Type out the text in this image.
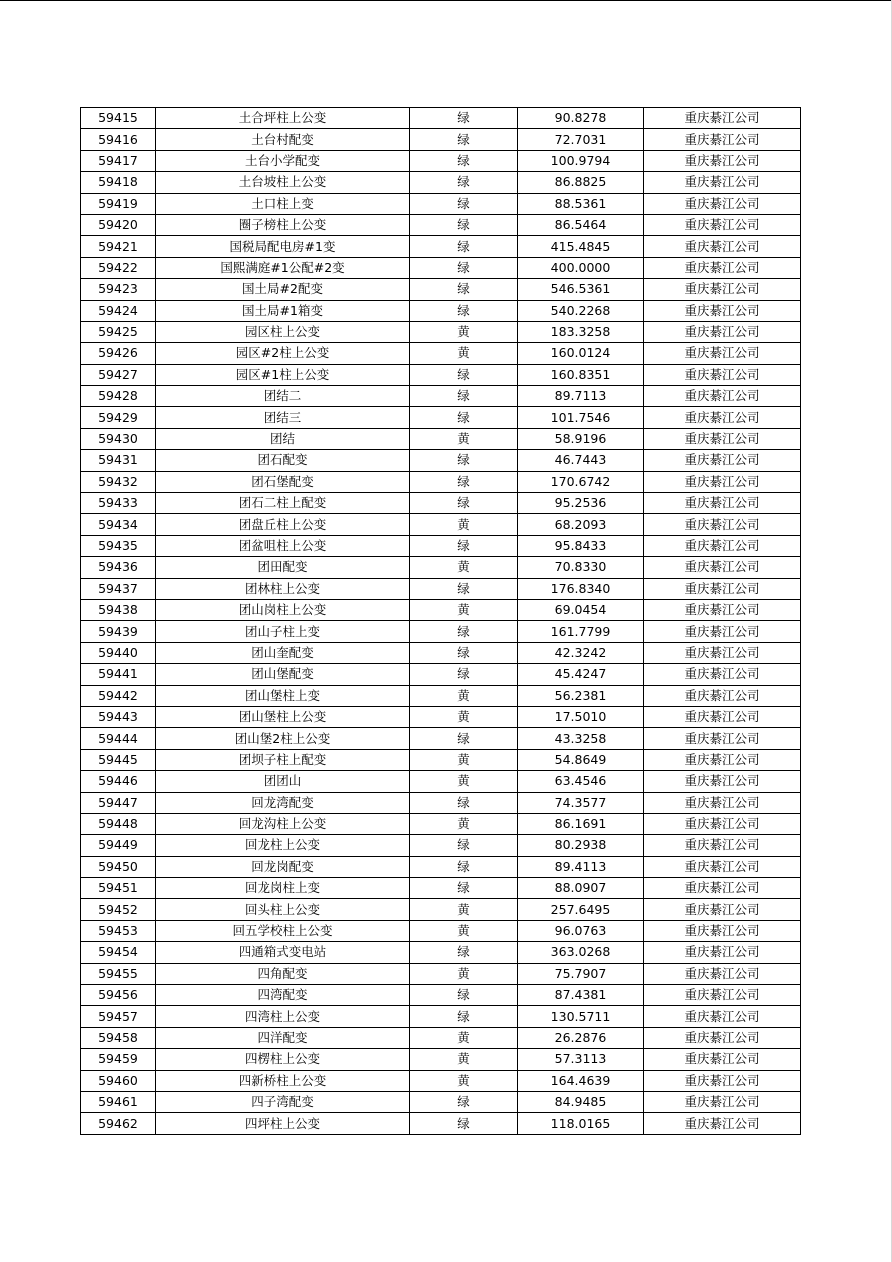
59415	土合坪柱上公变	绿	90.8278	重庆綦江公司
59416	土台村配变	绿	72.7031	重庆綦江公司
59417	土台小学配变	绿	100.9794	重庆綦江公司
59418	土台坡柱上公变	绿	86.8825	重庆綦江公司
59419	土口柱上变	绿	88.5361	重庆綦江公司
59420	圈子榜柱上公变	绿	86.5464	重庆綦江公司
59421	国税局配电房#1变	绿	415.4845	重庆綦江公司
59422	国熙满庭#1公配#2变	绿	400.0000	重庆綦江公司
59423	国土局#2配变	绿	546.5361	重庆綦江公司
59424	国土局#1箱变	绿	540.2268	重庆綦江公司
59425	园区柱上公变	黄	183.3258	重庆綦江公司
59426	园区#2柱上公变	黄	160.0124	重庆綦江公司
59427	园区#1柱上公变	绿	160.8351	重庆綦江公司
59428	团结二	绿	89.7113	重庆綦江公司
59429	团结三	绿	101.7546	重庆綦江公司
59430	团结	黄	58.9196	重庆綦江公司
59431	团石配变	绿	46.7443	重庆綦江公司
59432	团石堡配变	绿	170.6742	重庆綦江公司
59433	团石二柱上配变	绿	95.2536	重庆綦江公司
59434	团盘丘柱上公变	黄	68.2093	重庆綦江公司
59435	团盆咀柱上公变	绿	95.8433	重庆綦江公司
59436	团田配变	黄	70.8330	重庆綦江公司
59437	团林柱上公变	绿	176.8340	重庆綦江公司
59438	团山岗柱上公变	黄	69.0454	重庆綦江公司
59439	团山子柱上变	绿	161.7799	重庆綦江公司
59440	团山奎配变	绿	42.3242	重庆綦江公司
59441	团山堡配变	绿	45.4247	重庆綦江公司
59442	团山堡柱上变	黄	56.2381	重庆綦江公司
59443	团山堡柱上公变	黄	17.5010	重庆綦江公司
59444	团山堡2柱上公变	绿	43.3258	重庆綦江公司
59445	团坝子柱上配变	黄	54.8649	重庆綦江公司
59446	团团山	黄	63.4546	重庆綦江公司
59447	回龙湾配变	绿	74.3577	重庆綦江公司
59448	回龙沟柱上公变	黄	86.1691	重庆綦江公司
59449	回龙柱上公变	绿	80.2938	重庆綦江公司
59450	回龙岗配变	绿	89.4113	重庆綦江公司
59451	回龙岗柱上变	绿	88.0907	重庆綦江公司
59452	回头柱上公变	黄	257.6495	重庆綦江公司
59453	回五学校柱上公变	黄	96.0763	重庆綦江公司
59454	四通箱式变电站	绿	363.0268	重庆綦江公司
59455	四角配变	黄	75.7907	重庆綦江公司
59456	四湾配变	绿	87.4381	重庆綦江公司
59457	四湾柱上公变	绿	130.5711	重庆綦江公司
59458	四洋配变	黄	26.2876	重庆綦江公司
59459	四楞柱上公变	黄	57.3113	重庆綦江公司
59460	四新桥柱上公变	黄	164.4639	重庆綦江公司
59461	四子湾配变	绿	84.9485	重庆綦江公司
59462	四坪柱上公变	绿	118.0165	重庆綦江公司
